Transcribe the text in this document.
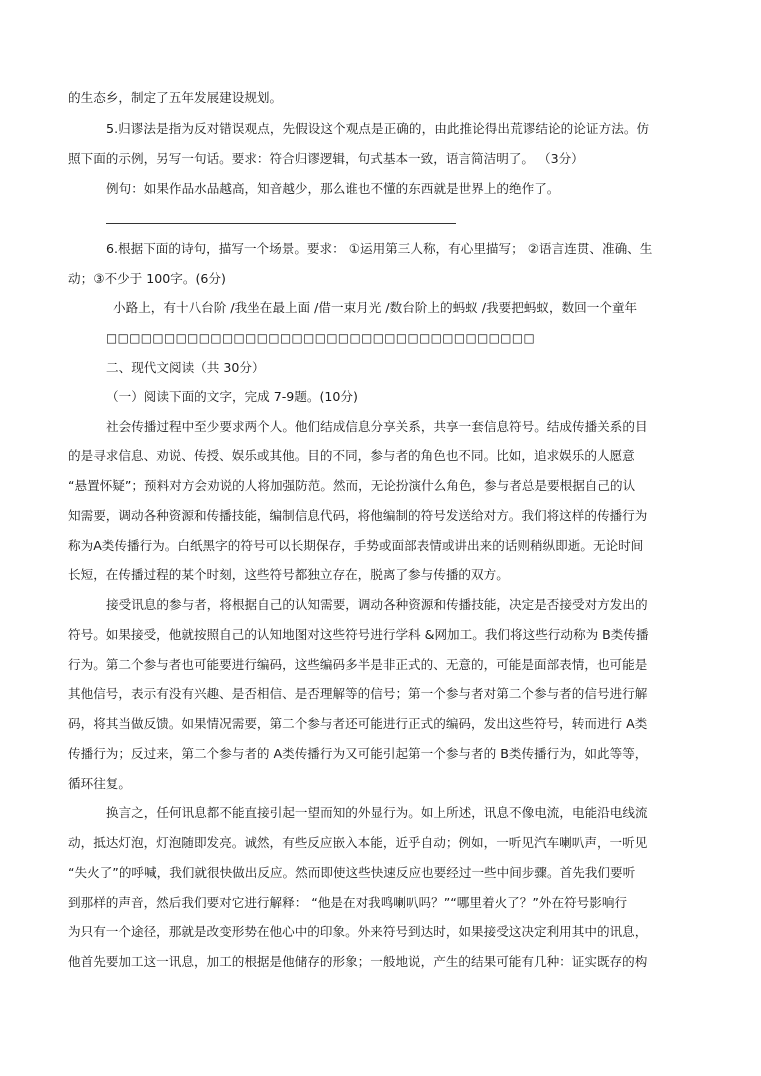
的生态乡，制定了五年发展建设规划。
5.归谬法是指为反对错误观点，先假设这个观点是正确的，由此推论得出荒谬结论的论证方法。仿
照下面的示例，另写一句话。要求：符合归谬逻辑，句式基本一致，语言简洁明了。 （3分）
例句：如果作品水品越高，知音越少，那么谁也不懂的东西就是世界上的绝作了。
6.根据下面的诗句，描写一个场景。要求： ①运用第三人称，有心里描写； ②语言连贯、准确、生
动；③不少于 100字。(6分)
小路上，有十八台阶 /我坐在最上面 /借一束月光 /数台阶上的蚂蚁 /我要把蚂蚁，数回一个童年
□□□□□□□□□□□□□□□□□□□□□□□□□□□□□□□□□□□□□
二、现代文阅读（共 30分）
（一）阅读下面的文字，完成 7-9题。(10分)
社会传播过程中至少要求两个人。他们结成信息分享关系，共享一套信息符号。结成传播关系的目
的是寻求信息、劝说、传授、娱乐或其他。目的不同，参与者的角色也不同。比如，追求娱乐的人愿意
“悬置怀疑”；预料对方会劝说的人将加强防范。然而，无论扮演什么角色，参与者总是要根据自己的认
知需要，调动各种资源和传播技能，编制信息代码，将他编制的符号发送给对方。我们将这样的传播行为
称为A类传播行为。白纸黑字的符号可以长期保存，手势或面部表情或讲出来的话则稍纵即逝。无论时间
长短，在传播过程的某个时刻，这些符号都独立存在，脱离了参与传播的双方。
接受讯息的参与者，将根据自己的认知需要，调动各种资源和传播技能，决定是否接受对方发出的
符号。如果接受，他就按照自己的认知地图对这些符号进行学科 &网加工。我们将这些行动称为 B类传播
行为。第二个参与者也可能要进行编码，这些编码多半是非正式的、无意的，可能是面部表情，也可能是
其他信号，表示有没有兴趣、是否相信、是否理解等的信号；第一个参与者对第二个参与者的信号进行解
码，将其当做反馈。如果情况需要，第二个参与者还可能进行正式的编码，发出这些符号，转而进行 A类
传播行为；反过来，第二个参与者的 A类传播行为又可能引起第一个参与者的 B类传播行为，如此等等，
循环往复。
换言之，任何讯息都不能直接引起一望而知的外显行为。如上所述，讯息不像电流，电能沿电线流
动，抵达灯泡，灯泡随即发亮。诚然，有些反应嵌入本能，近乎自动；例如，一听见汽车喇叭声，一听见
“失火了”的呼喊，我们就很快做出反应。然而即使这些快速反应也要经过一些中间步骤。首先我们要听
到那样的声音，然后我们要对它进行解释： “他是在对我鸣喇叭吗？”“哪里着火了？”外在符号影响行
为只有一个途径，那就是改变形势在他心中的印象。外来符号到达时，如果接受这决定利用其中的讯息，
他首先要加工这一讯息，加工的根据是他储存的形象；一般地说，产生的结果可能有几种：证实既存的构
